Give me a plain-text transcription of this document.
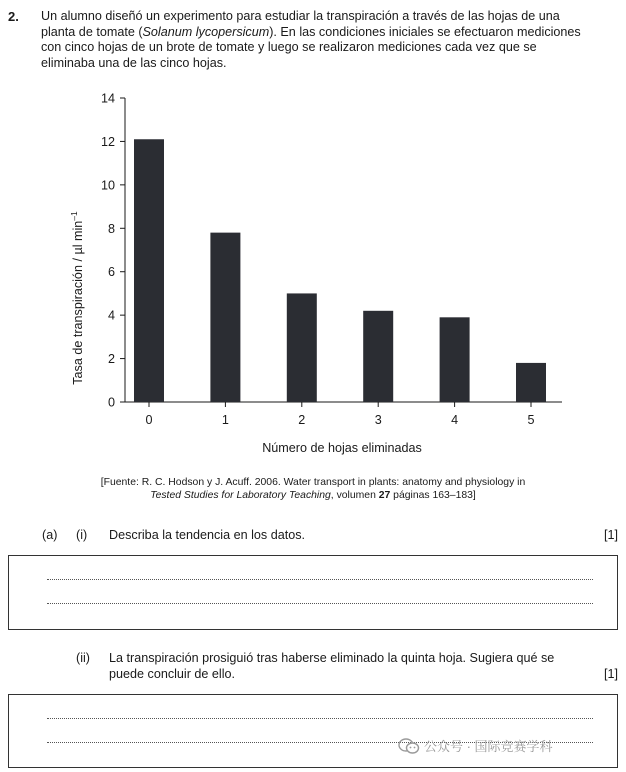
2. Un alumno diseñó un experimento para estudiar la transpiración a través de las hojas de una planta de tomate (Solanum lycopersicum). En las condiciones iniciales se efectuaron mediciones con cinco hojas de un brote de tomate y luego se realizaron mediciones cada vez que se eliminaba una de las cinco hojas.
0
2
4
6
8
10
12
14
0	1	2	3	4	5
Número de hojas eliminadas
Tasa de transpiración / µl $\min^{-1}$
[Fuente: R. C. Hodson y J. Acuff. 2006. Water transport in plants: anatomy and physiology in
Tested Studies for Laboratory Teaching, volumen 27 páginas 163–183]
(a) (i) Describa la tendencia en los datos.	[1]
(ii) La transpiración prosiguió tras haberse eliminado la quinta hoja. Sugiera qué se puede concluir de ello.	[1]
公众号 · 国际竞赛学科
